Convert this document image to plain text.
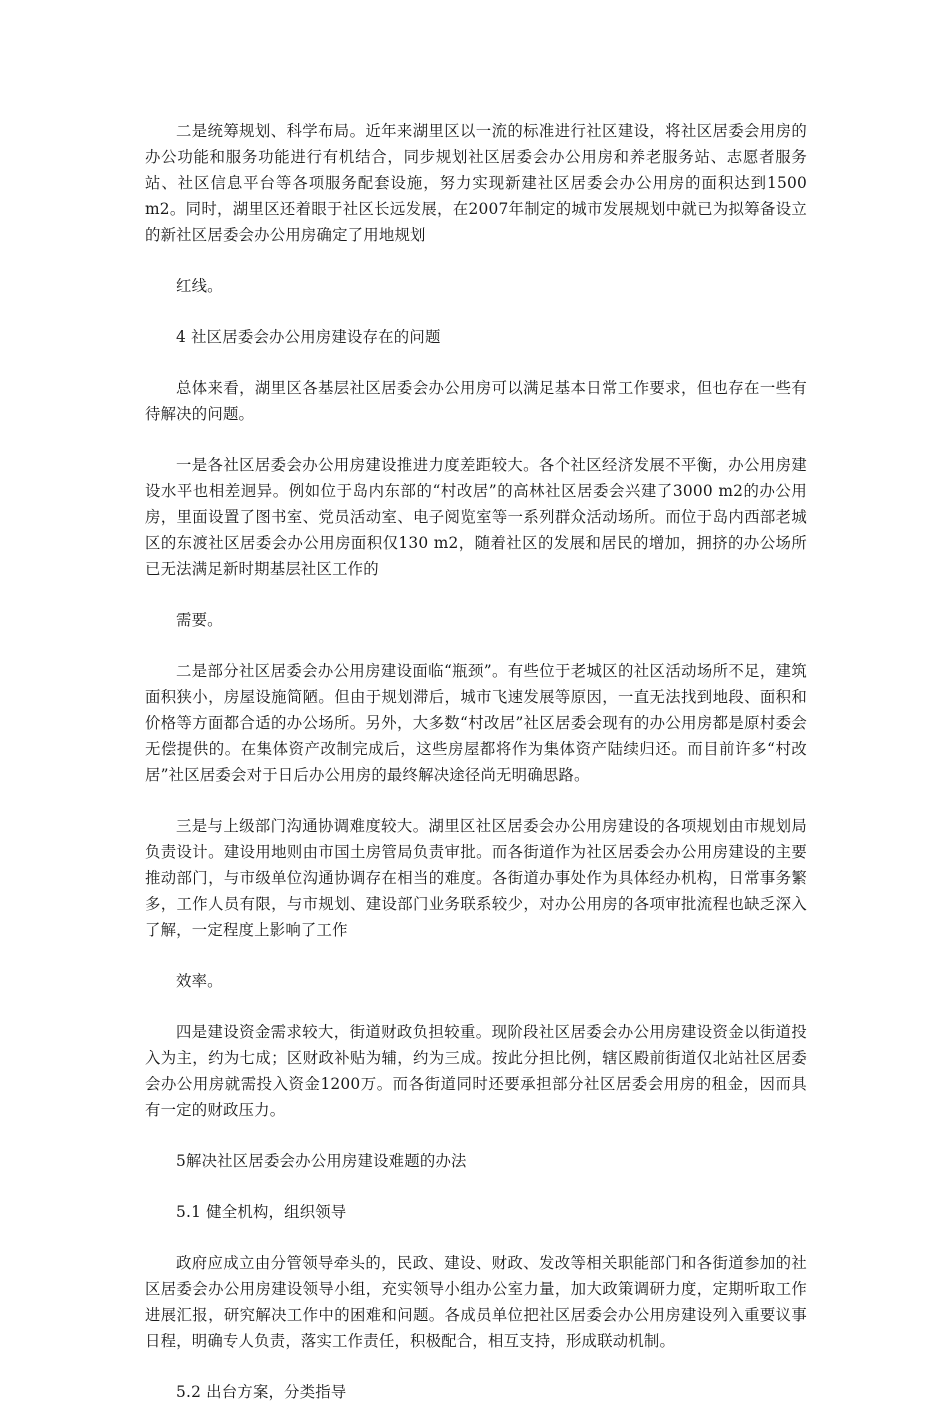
二是统筹规划、科学布局。近年来湖里区以一流的标准进行社区建设，将社区居委会用房的办公功能和服务功能进行有机结合，同步规划社区居委会办公用房和养老服务站、志愿者服务站、社区信息平台等各项服务配套设施，努力实现新建社区居委会办公用房的面积达到1500 m2。同时，湖里区还着眼于社区长远发展，在2007年制定的城市发展规划中就已为拟筹备设立的新社区居委会办公用房确定了用地规划

红线。

4 社区居委会办公用房建设存在的问题

总体来看，湖里区各基层社区居委会办公用房可以满足基本日常工作要求，但也存在一些有待解决的问题。

一是各社区居委会办公用房建设推进力度差距较大。各个社区经济发展不平衡，办公用房建设水平也相差迥异。例如位于岛内东部的“村改居”的高林社区居委会兴建了3000 m2的办公用房，里面设置了图书室、党员活动室、电子阅览室等一系列群众活动场所。而位于岛内西部老城区的东渡社区居委会办公用房面积仅130 m2，随着社区的发展和居民的增加，拥挤的办公场所已无法满足新时期基层社区工作的

需要。

二是部分社区居委会办公用房建设面临“瓶颈”。有些位于老城区的社区活动场所不足，建筑面积狭小，房屋设施简陋。但由于规划滞后，城市飞速发展等原因，一直无法找到地段、面积和价格等方面都合适的办公场所。另外，大多数“村改居”社区居委会现有的办公用房都是原村委会无偿提供的。在集体资产改制完成后，这些房屋都将作为集体资产陆续归还。而目前许多“村改居”社区居委会对于日后办公用房的最终解决途径尚无明确思路。

三是与上级部门沟通协调难度较大。湖里区社区居委会办公用房建设的各项规划由市规划局负责设计。建设用地则由市国土房管局负责审批。而各街道作为社区居委会办公用房建设的主要推动部门，与市级单位沟通协调存在相当的难度。各街道办事处作为具体经办机构，日常事务繁多，工作人员有限，与市规划、建设部门业务联系较少，对办公用房的各项审批流程也缺乏深入了解，一定程度上影响了工作

效率。

四是建设资金需求较大，街道财政负担较重。现阶段社区居委会办公用房建设资金以街道投入为主，约为七成；区财政补贴为辅，约为三成。按此分担比例，辖区殿前街道仅北站社区居委会办公用房就需投入资金1200万。而各街道同时还要承担部分社区居委会用房的租金，因而具有一定的财政压力。

5解决社区居委会办公用房建设难题的办法

5.1 健全机构，组织领导

政府应成立由分管领导牵头的，民政、建设、财政、发改等相关职能部门和各街道参加的社区居委会办公用房建设领导小组，充实领导小组办公室力量，加大政策调研力度，定期听取工作进展汇报，研究解决工作中的困难和问题。各成员单位把社区居委会办公用房建设列入重要议事日程，明确专人负责，落实工作责任，积极配合，相互支持，形成联动机制。

5.2 出台方案，分类指导
